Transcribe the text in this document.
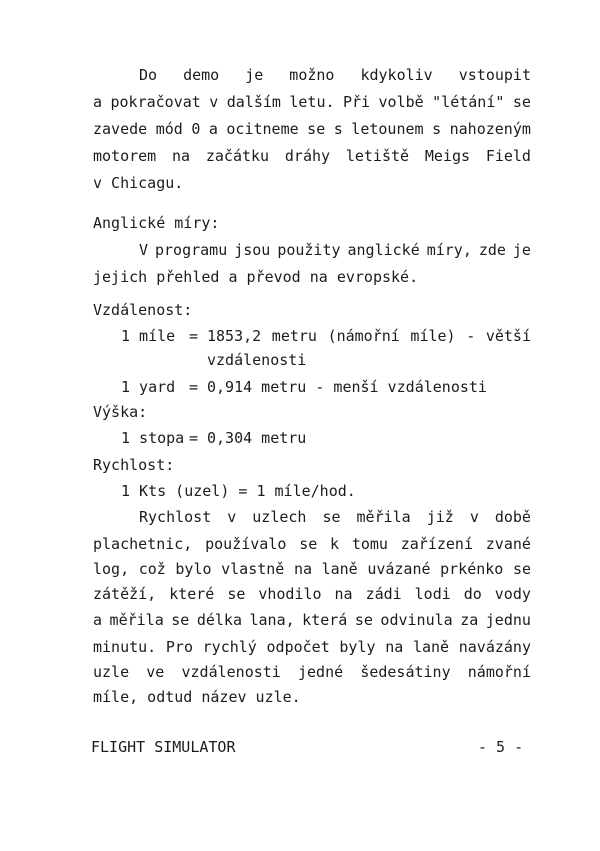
Do demo je možno kdykoliv vstoupit
a pokračovat v dalším letu. Při volbě "létání" se
zavede mód 0 a ocitneme se s letounem s nahozeným
motorem na začátku dráhy letiště Meigs Field
v Chicagu.
Anglické míry:
V programu jsou použity anglické míry, zde je
jejich přehled a převod na evropské.
Vzdálenost:
1 míle = 1853,2 metru (námořní míle) - větší
vzdálenosti
1 yard = 0,914 metru - menší vzdálenosti
Výška:
1 stopa = 0,304 metru
Rychlost:
1 Kts (uzel) = 1 míle/hod.
Rychlost v uzlech se měřila již v době
plachetnic, používalo se k tomu zařízení zvané
log, což bylo vlastně na laně uvázané prkénko se
zátěží, které se vhodilo na zádi lodi do vody
a měřila se délka lana, která se odvinula za jednu
minutu. Pro rychlý odpočet byly na laně navázány
uzle ve vzdálenosti jedné šedesátiny námořní
míle, odtud název uzle.
FLIGHT SIMULATOR	- 5 -
